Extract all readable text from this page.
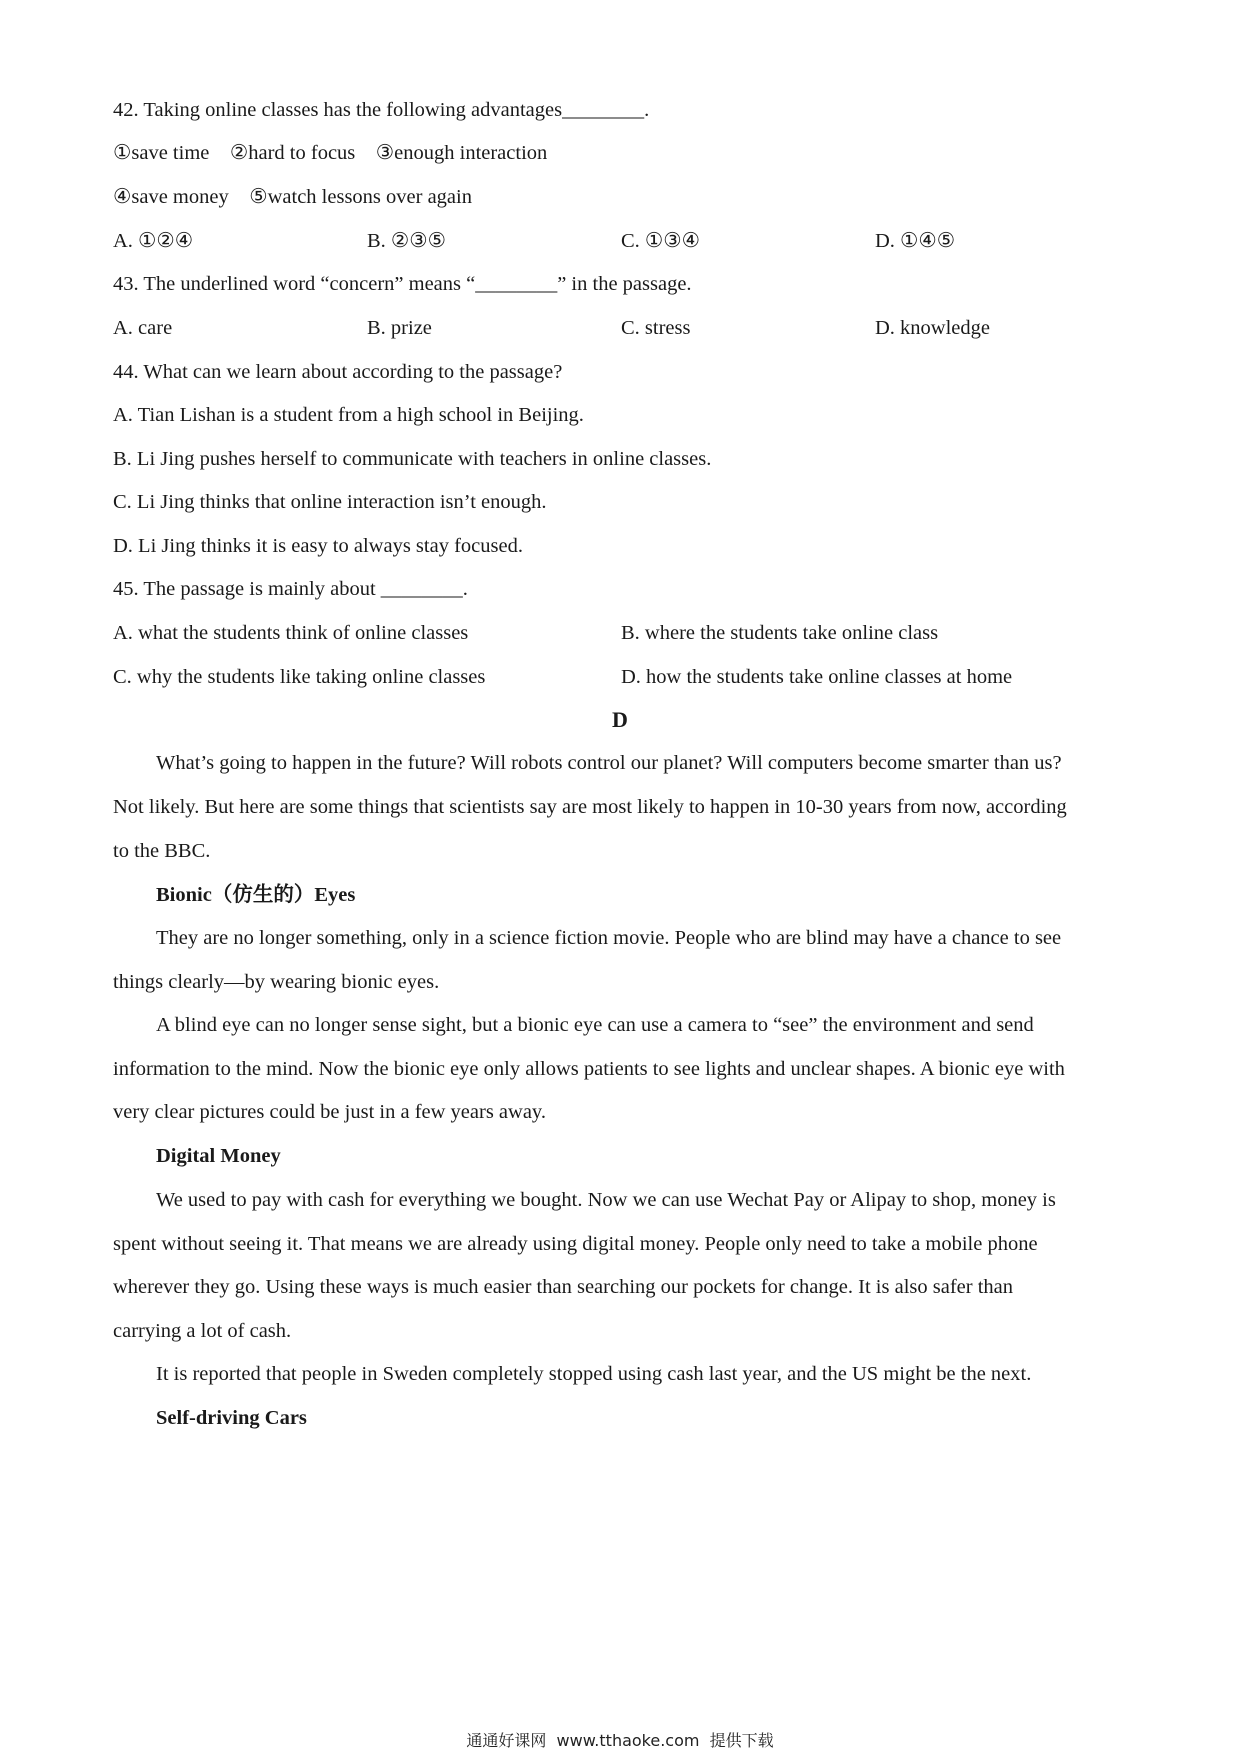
42. Taking online classes has the following advantages________.
①save time    ②hard to focus    ③enough interaction
④save money    ⑤watch lessons over again
A. ①②④	B. ②③⑤	C. ①③④	D. ①④⑤
43. The underlined word “concern” means “________” in the passage.
A. care	B. prize	C. stress	D. knowledge
44. What can we learn about according to the passage?
A. Tian Lishan is a student from a high school in Beijing.
B. Li Jing pushes herself to communicate with teachers in online classes.
C. Li Jing thinks that online interaction isn’t enough.
D. Li Jing thinks it is easy to always stay focused.
45. The passage is mainly about ________.
A. what the students think of online classes	B. where the students take online class
C. why the students like taking online classes	D. how the students take online classes at home
D
What’s going to happen in the future? Will robots control our planet? Will computers become smarter than us?
Not likely. But here are some things that scientists say are most likely to happen in 10-30 years from now, according
to the BBC.
Bionic（仿生的）Eyes
They are no longer something, only in a science fiction movie. People who are blind may have a chance to see
things clearly—by wearing bionic eyes.
A blind eye can no longer sense sight, but a bionic eye can use a camera to “see” the environment and send
information to the mind. Now the bionic eye only allows patients to see lights and unclear shapes. A bionic eye with
very clear pictures could be just in a few years away.
Digital Money
We used to pay with cash for everything we bought. Now we can use Wechat Pay or Alipay to shop, money is
spent without seeing it. That means we are already using digital money. People only need to take a mobile phone
wherever they go. Using these ways is much easier than searching our pockets for change. It is also safer than
carrying a lot of cash.
It is reported that people in Sweden completely stopped using cash last year, and the US might be the next.
Self-driving Cars
通通好课网  www.tthaoke.com  提供下载
